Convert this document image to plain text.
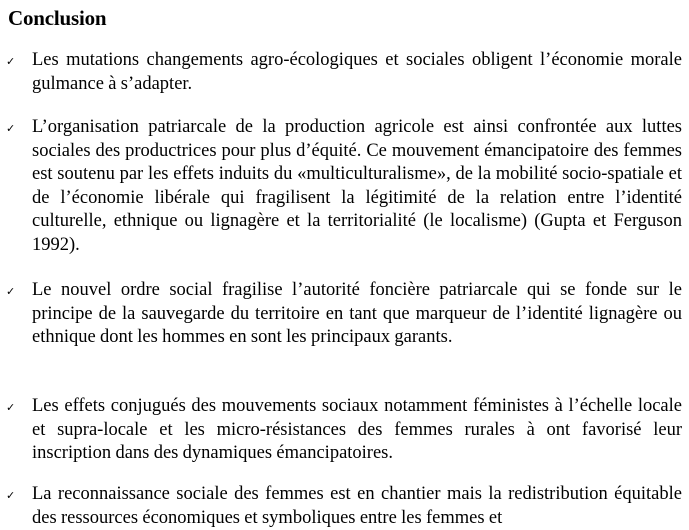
Conclusion
✓ Les mutations changements agro-écologiques et sociales obligent l’économie morale gulmance à s’adapter.
✓ L’organisation patriarcale de la production agricole est ainsi confrontée aux luttes sociales des productrices pour plus d’équité. Ce mouvement émancipatoire des femmes est soutenu par les effets induits du «multiculturalisme», de la mobilité socio-spatiale et de l’économie libérale qui fragilisent la légitimité de la relation entre l’identité culturelle, ethnique ou lignagère et la territorialité (le localisme) (Gupta et Ferguson 1992).
✓ Le nouvel ordre social fragilise l’autorité foncière patriarcale qui se fonde sur le principe de la sauvegarde du territoire en tant que marqueur de l’identité lignagère ou ethnique dont les hommes en sont les principaux garants.
✓ Les effets conjugués des mouvements sociaux notamment féministes à l’échelle locale et supra-locale et les micro-résistances des femmes rurales à ont favorisé leur inscription dans des dynamiques émancipatoires.
✓ La reconnaissance sociale des femmes est en chantier mais la redistribution équitable des ressources économiques et symboliques entre les femmes et
